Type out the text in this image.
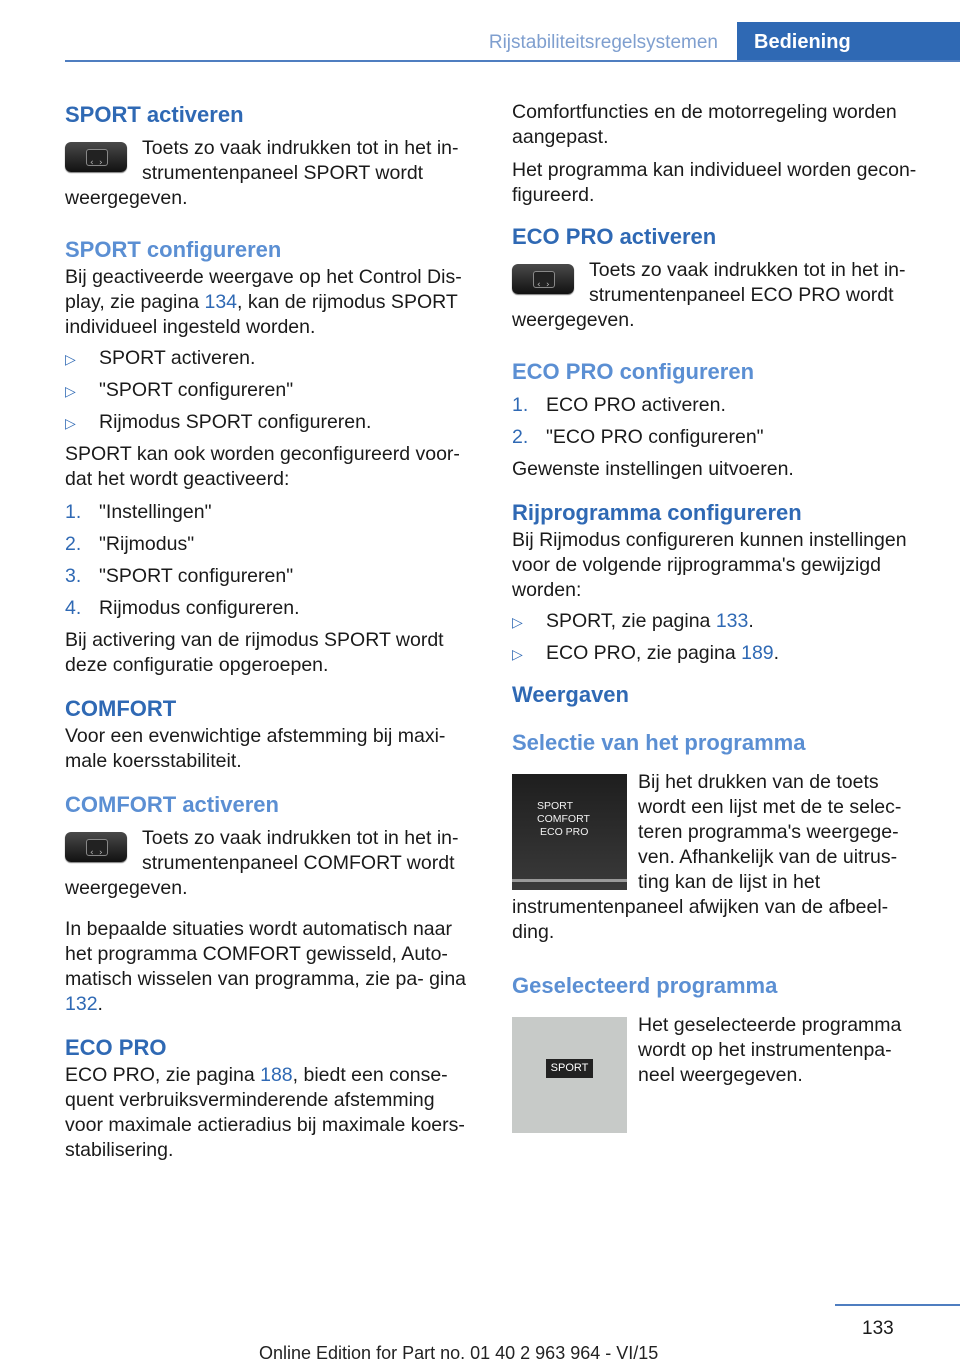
Rijstabiliteitsregelsystemen	Bediening
SPORT activeren
‹ ›

Toets zo vaak indrukken tot in het in-

strumentenpaneel SPORT wordt

weergegeven.

SPORT configureren

Bij geactiveerde weergave op het Control Dis- play, zie pagina 134, kan de rijmodus SPORT individueel ingesteld worden.

▷ SPORT activeren.
▷ "SPORT configureren"
▷ Rijmodus SPORT configureren.

SPORT kan ook worden geconfigureerd voor- dat het wordt geactiveerd:

1. "Instellingen"
2. "Rijmodus"
3. "SPORT configureren"
4. Rijmodus configureren.

Bij activering van de rijmodus SPORT wordt deze configuratie opgeroepen.

COMFORT

Voor een evenwichtige afstemming bij maxi- male koersstabiliteit.

COMFORT activeren
‹ ›

Toets zo vaak indrukken tot in het in-

strumentenpaneel COMFORT wordt

weergegeven.

In bepaalde situaties wordt automatisch naar het programma COMFORT gewisseld, Auto- matisch wisselen van programma, zie pa- gina 132.

ECO PRO

ECO PRO, zie pagina 188, biedt een conse- quent verbruiksverminderende afstemming voor maximale actieradius bij maximale koers- stabilisering.

Comfortfuncties en de motorregeling worden aangepast.

Het programma kan individueel worden gecon- figureerd.

ECO PRO activeren
‹ ›

Toets zo vaak indrukken tot in het in-

strumentenpaneel ECO PRO wordt

weergegeven.

ECO PRO configureren
1. ECO PRO activeren.
2. "ECO PRO configureren"

Gewenste instellingen uitvoeren.

Rijprogramma configureren

Bij Rijmodus configureren kunnen instellingen voor de volgende rijprogramma's gewijzigd worden:

▷ SPORT, zie pagina 133.
▷ ECO PRO, zie pagina 189.
Weergaven
Selectie van het programma
SPORT
COMFORT
ECO PRO

Bij het drukken van de toets

wordt een lijst met de te selec-

teren programma's weergege-

ven. Afhankelijk van de uitrus-

ting kan de lijst in het

instrumentenpaneel afwijken van de afbeel- ding.

Geselecteerd programma
SPORT

Het geselecteerde programma

wordt op het instrumentenpa-

neel weergegeven.

133
Online Edition for Part no. 01 40 2 963 964 - VI/15
